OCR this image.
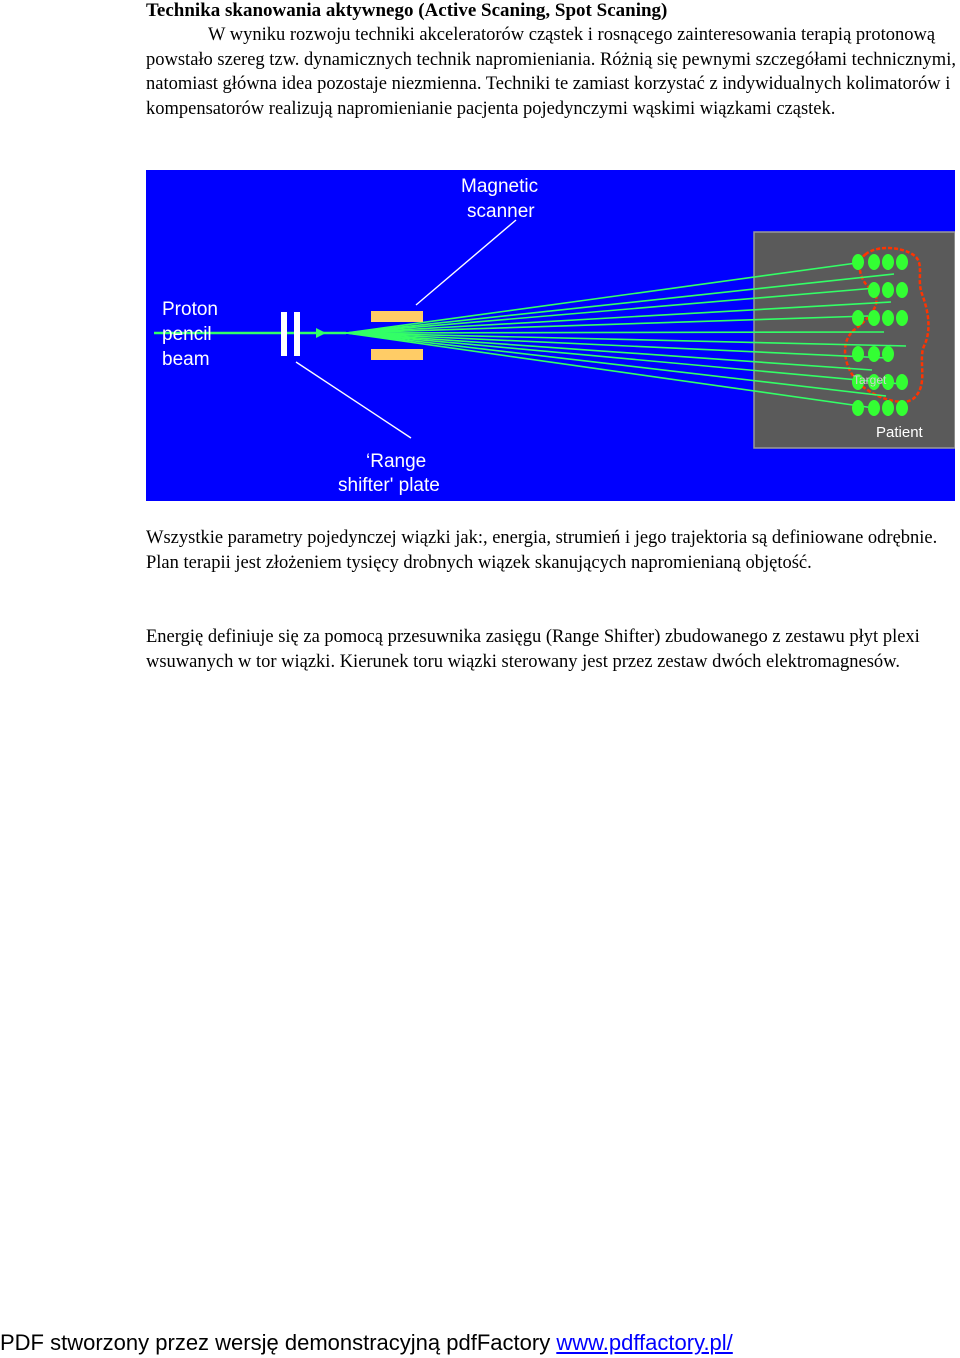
Technika skanowania aktywnego (Active Scaning, Spot Scaning)

W wyniku rozwoju techniki akceleratorów cząstek i rosnącego zainteresowania terapią protonową powstało szereg tzw. dynamicznych technik napromieniania. Różnią się pewnymi szczegółami technicznymi, natomiast główna idea pozostaje niezmienna. Techniki te zamiast korzystać z indywidualnych kolimatorów i kompensatorów realizują napromienianie pacjenta pojedynczymi wąskimi wiązkami cząstek.

Magnetic
scanner
Proton
pencil
beam
‘Range
shifter' plate
Patient
Target

Wszystkie parametry pojedynczej wiązki jak:, energia, strumień i jego trajektoria są definiowane odrębnie. Plan terapii jest złożeniem tysięcy drobnych wiązek skanujących napromienianą objętość.

Energię definiuje się za pomocą przesuwnika zasięgu (Range Shifter) zbudowanego z zestawu płyt plexi wsuwanych w tor wiązki. Kierunek toru wiązki sterowany jest przez zestaw dwóch elektromagnesów.

PDF stworzony przez wersję demonstracyjną pdfFactory www.pdffactory.pl/
